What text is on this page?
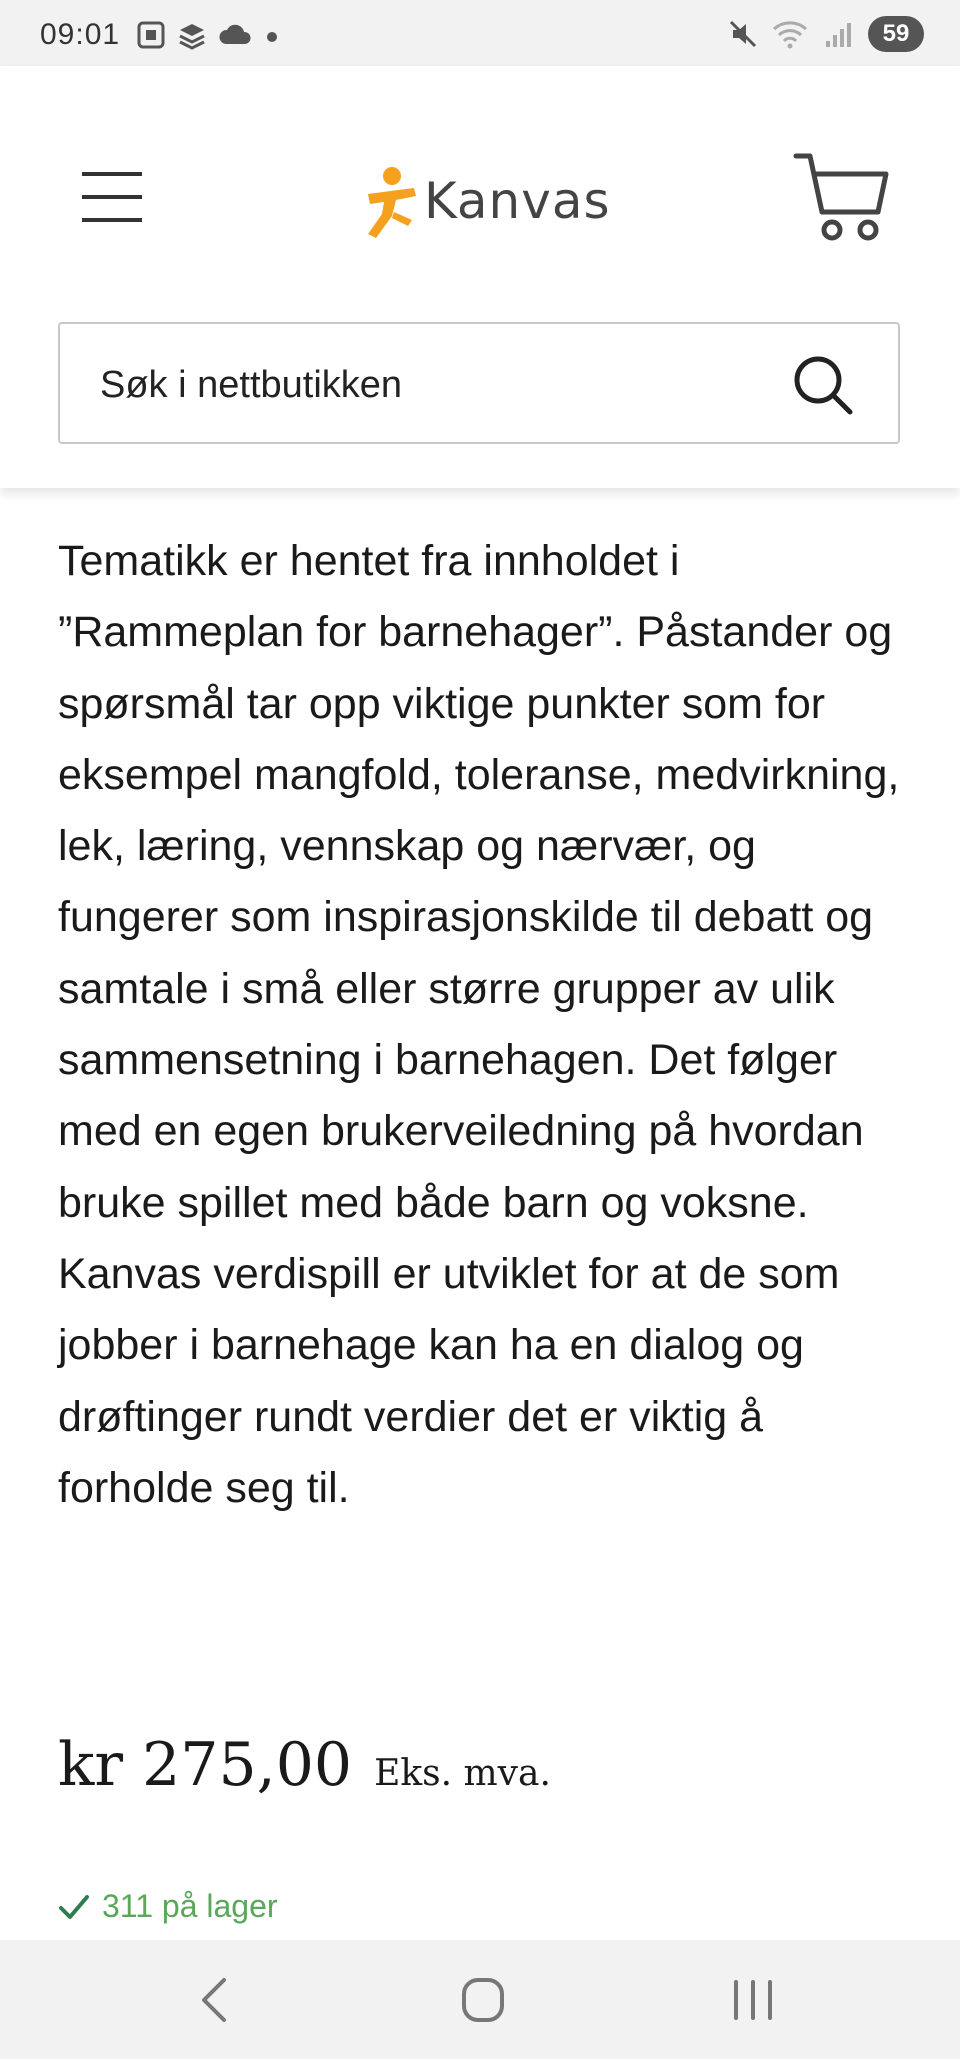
09:01	59
Kanvas
Søk i nettbutikken

Tematikk er hentet fra innholdet i ”Rammeplan for barnehager”. Påstander og spørsmål tar opp viktige punkter som for eksempel mangfold, toleranse, medvirkning, lek, læring, vennskap og nærvær, og fungerer som inspirasjonskilde til debatt og samtale i små eller større grupper av ulik sammensetning i barnehagen. Det følger med en egen brukerveiledning på hvordan bruke spillet med både barn og voksne. Kanvas verdispill er utviklet for at de som jobber i barnehage kan ha en dialog og drøftinger rundt verdier det er viktig å forholde seg til.

kr 275,00 Eks. mva.
311 på lager
